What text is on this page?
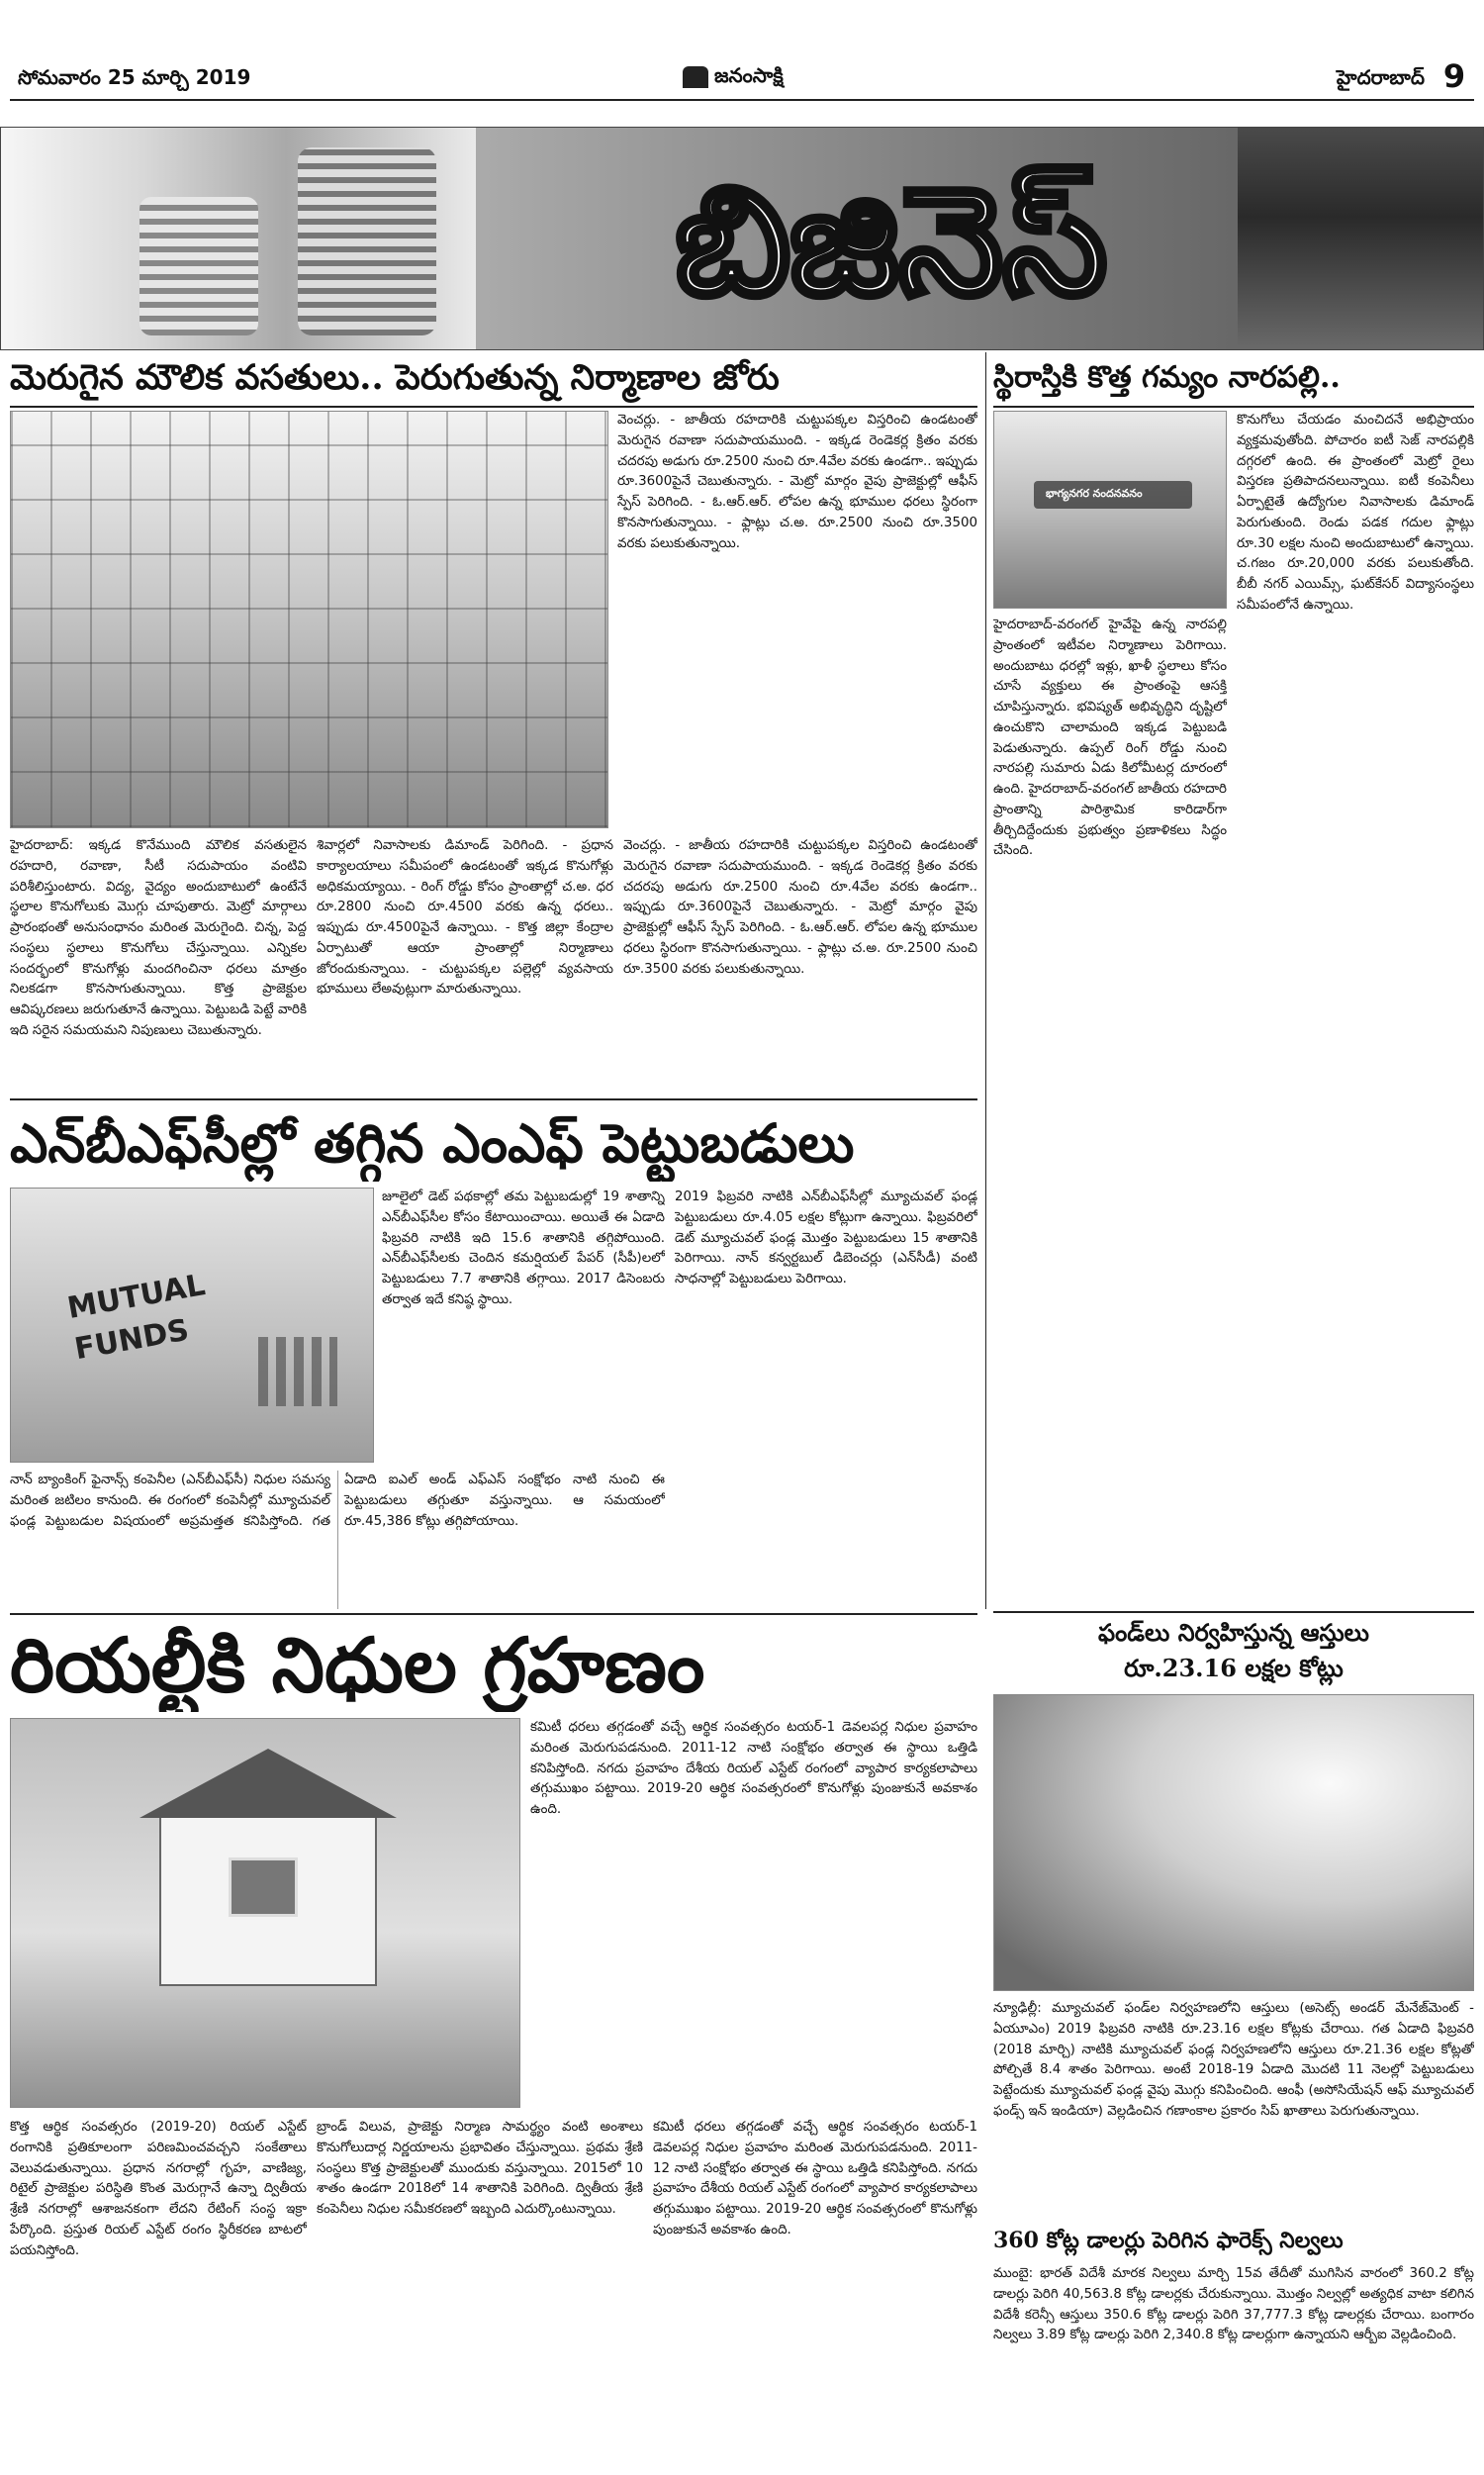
సోమవారం 25 మార్చి 2019	జనంసాక్షి	హైదరాబాద్ 9
బిజినెస్
మెరుగైన మౌలిక వసతులు.. పెరుగుతున్న నిర్మాణాల జోరు
వెంచర్లు. - జాతీయ రహదారికి చుట్టుపక్కల విస్తరించి ఉండటంతో మెరుగైన రవాణా సదుపాయముంది. - ఇక్కడ రెండెకర్ల క్రితం వరకు చదరపు అడుగు రూ.2500 నుంచి రూ.4వేల వరకు ఉండగా.. ఇప్పుడు రూ.3600పైనే చెబుతున్నారు. - మెట్రో మార్గం వైపు ప్రాజెక్టుల్లో ఆఫీస్ స్పేస్ పెరిగింది. - ఓ.ఆర్.ఆర్. లోపల ఉన్న భూముల ధరలు స్థిరంగా కొనసాగుతున్నాయి. - ఫ్లాట్లు చ.అ. రూ.2500 నుంచి రూ.3500 వరకు పలుకుతున్నాయి.
హైదరాబాద్: ఇక్కడ కొనేముంది మౌలిక వసతులైన రహదారి, రవాణా, సీటీ సదుపాయం వంటివి పరిశీలిస్తుంటారు. విద్య, వైద్యం అందుబాటులో ఉంటేనే స్థలాల కొనుగోలుకు మొగ్గు చూపుతారు. మెట్రో మార్గాలు ప్రారంభంతో అనుసంధానం మరింత మెరుగైంది. చిన్న, పెద్ద సంస్థలు స్థలాలు కొనుగోలు చేస్తున్నాయి. ఎన్నికల సందర్భంలో కొనుగోళ్లు మందగించినా ధరలు మాత్రం నిలకడగా కొనసాగుతున్నాయి. కొత్త ప్రాజెక్టుల ఆవిష్కరణలు జరుగుతూనే ఉన్నాయి. పెట్టుబడి పెట్టే వారికి ఇది సరైన సమయమని నిపుణులు చెబుతున్నారు.
శివార్లలో నివాసాలకు డిమాండ్ పెరిగింది. - ప్రధాన కార్యాలయాలు సమీపంలో ఉండటంతో ఇక్కడ కొనుగోళ్లు అధికమయ్యాయి. - రింగ్ రోడ్డు కోసం ప్రాంతాల్లో చ.అ. ధర రూ.2800 నుంచి రూ.4500 వరకు ఉన్న ధరలు.. ఇప్పుడు రూ.4500పైనే ఉన్నాయి. - కొత్త జిల్లా కేంద్రాల ఏర్పాటుతో ఆయా ప్రాంతాల్లో నిర్మాణాలు జోరందుకున్నాయి. - చుట్టుపక్కల పల్లెల్లో వ్యవసాయ భూములు లేఅవుట్లుగా మారుతున్నాయి.
వెంచర్లు. - జాతీయ రహదారికి చుట్టుపక్కల విస్తరించి ఉండటంతో మెరుగైన రవాణా సదుపాయముంది. - ఇక్కడ రెండెకర్ల క్రితం వరకు చదరపు అడుగు రూ.2500 నుంచి రూ.4వేల వరకు ఉండగా.. ఇప్పుడు రూ.3600పైనే చెబుతున్నారు. - మెట్రో మార్గం వైపు ప్రాజెక్టుల్లో ఆఫీస్ స్పేస్ పెరిగింది. - ఓ.ఆర్.ఆర్. లోపల ఉన్న భూముల ధరలు స్థిరంగా కొనసాగుతున్నాయి. - ఫ్లాట్లు చ.అ. రూ.2500 నుంచి రూ.3500 వరకు పలుకుతున్నాయి.
స్థిరాస్తికి కొత్త గమ్యం నారపల్లి..
భాగ్యనగర నందనవనం
హైదరాబాద్-వరంగల్ హైవేపై ఉన్న నారపల్లి ప్రాంతంలో ఇటీవల నిర్మాణాలు పెరిగాయి. అందుబాటు ధరల్లో ఇళ్లు, ఖాళీ స్థలాలు కోసం చూసే వ్యక్తులు ఈ ప్రాంతంపై ఆసక్తి చూపిస్తున్నారు. భవిష్యత్ అభివృద్ధిని దృష్టిలో ఉంచుకొని చాలామంది ఇక్కడ పెట్టుబడి పెడుతున్నారు. ఉప్పల్ రింగ్ రోడ్డు నుంచి నారపల్లి సుమారు ఏడు కిలోమీటర్ల దూరంలో ఉంది. హైదరాబాద్-వరంగల్ జాతీయ రహదారి ప్రాంతాన్ని పారిశ్రామిక కారిడార్‌గా తీర్చిదిద్దేందుకు ప్రభుత్వం ప్రణాళికలు సిద్ధం చేసింది.
కొనుగోలు చేయడం మంచిదనే అభిప్రాయం వ్యక్తమవుతోంది. పోచారం ఐటీ సెజ్ నారపల్లికి దగ్గరలో ఉంది. ఈ ప్రాంతంలో మెట్రో రైలు విస్తరణ ప్రతిపాదనలున్నాయి. ఐటీ కంపెనీలు ఏర్పాటైతే ఉద్యోగుల నివాసాలకు డిమాండ్ పెరుగుతుంది. రెండు పడక గదుల ఫ్లాట్లు రూ.30 లక్షల నుంచి అందుబాటులో ఉన్నాయి. చ.గజం రూ.20,000 వరకు పలుకుతోంది. బీబీ నగర్ ఎయిమ్స్, ఘట్‌కేసర్ విద్యాసంస్థలు సమీపంలోనే ఉన్నాయి.
ఎన్‌బీఎఫ్‌సీల్లో తగ్గిన ఎంఎఫ్ పెట్టుబడులు
MUTUAL FUNDS
జూలైలో డెట్ పథకాల్లో తమ పెట్టుబడుల్లో 19 శాతాన్ని ఎన్‌బీఎఫ్‌సీల కోసం కేటాయించాయి. అయితే ఈ ఏడాది ఫిబ్రవరి నాటికి ఇది 15.6 శాతానికి తగ్గిపోయింది. ఎన్‌బీఎఫ్‌సీలకు చెందిన కమర్షియల్ పేపర్ (సీపీ)లలో పెట్టుబడులు 7.7 శాతానికి తగ్గాయి. 2017 డిసెంబరు తర్వాత ఇదే కనిష్ఠ స్థాయి.
2019 ఫిబ్రవరి నాటికి ఎన్‌బీఎఫ్‌సీల్లో మ్యూచువల్ ఫండ్ల పెట్టుబడులు రూ.4.05 లక్షల కోట్లుగా ఉన్నాయి. ఫిబ్రవరిలో డెట్ మ్యూచువల్ ఫండ్ల మొత్తం పెట్టుబడులు 15 శాతానికి పెరిగాయి. నాన్ కన్వర్టబుల్ డిబెంచర్లు (ఎన్‌సీడీ) వంటి సాధనాల్లో పెట్టుబడులు పెరిగాయి.
నాన్ బ్యాంకింగ్ ఫైనాన్స్ కంపెనీల (ఎన్‌బీఎఫ్‌సీ) నిధుల సమస్య మరింత జటిలం కానుంది. ఈ రంగంలో కంపెనీల్లో మ్యూచువల్ ఫండ్ల పెట్టుబడుల విషయంలో అప్రమత్తత కనిపిస్తోంది. గత ఏడాది ఐఎల్ అండ్ ఎఫ్ఎస్ సంక్షోభం నాటి నుంచి ఈ పెట్టుబడులు తగ్గుతూ వస్తున్నాయి. ఆ సమయంలో రూ.45,386 కోట్లు తగ్గిపోయాయి.
ఫండ్‌లు నిర్వహిస్తున్న ఆస్తులు
రూ.23.16 లక్షల కోట్లు
న్యూఢిల్లీ: మ్యూచువల్ ఫండ్‌ల నిర్వహణలోని ఆస్తులు (అసెట్స్ అండర్ మేనేజ్‌మెంట్ - ఏయూఎం) 2019 ఫిబ్రవరి నాటికి రూ.23.16 లక్షల కోట్లకు చేరాయి. గత ఏడాది ఫిబ్రవరి (2018 మార్చి) నాటికి మ్యూచువల్ ఫండ్ల నిర్వహణలోని ఆస్తులు రూ.21.36 లక్షల కోట్లతో పోల్చితే 8.4 శాతం పెరిగాయి. అంటే 2018-19 ఏడాది మొదటి 11 నెలల్లో పెట్టుబడులు పెట్టేందుకు మ్యూచువల్ ఫండ్ల వైపు మొగ్గు కనిపించింది. ఆంఫీ (అసోసియేషన్ ఆఫ్ మ్యూచువల్ ఫండ్స్ ఇన్ ఇండియా) వెల్లడించిన గణాంకాల ప్రకారం సిప్ ఖాతాలు పెరుగుతున్నాయి.
360 కోట్ల డాలర్లు పెరిగిన ఫారెక్స్ నిల్వలు
ముంబై: భారత్ విదేశీ మారక నిల్వలు మార్చి 15వ తేదీతో ముగిసిన వారంలో 360.2 కోట్ల డాలర్లు పెరిగి 40,563.8 కోట్ల డాలర్లకు చేరుకున్నాయి. మొత్తం నిల్వల్లో అత్యధిక వాటా కలిగిన విదేశీ కరెన్సీ ఆస్తులు 350.6 కోట్ల డాలర్లు పెరిగి 37,777.3 కోట్ల డాలర్లకు చేరాయి. బంగారం నిల్వలు 3.89 కోట్ల డాలర్లు పెరిగి 2,340.8 కోట్ల డాలర్లుగా ఉన్నాయని ఆర్బీఐ వెల్లడించింది.
రియల్టీకి నిధుల గ్రహణం
కమిటీ ధరలు తగ్గడంతో వచ్చే ఆర్థిక సంవత్సరం టయర్-1 డెవలపర్ల నిధుల ప్రవాహం మరింత మెరుగుపడనుంది. 2011-12 నాటి సంక్షోభం తర్వాత ఈ స్థాయి ఒత్తిడి కనిపిస్తోంది. నగదు ప్రవాహం దేశీయ రియల్ ఎస్టేట్ రంగంలో వ్యాపార కార్యకలాపాలు తగ్గుముఖం పట్టాయి. 2019-20 ఆర్థిక సంవత్సరంలో కొనుగోళ్లు పుంజుకునే అవకాశం ఉంది.
కొత్త ఆర్థిక సంవత్సరం (2019-20) రియల్ ఎస్టేట్ రంగానికి ప్రతికూలంగా పరిణమించవచ్చని సంకేతాలు వెలువడుతున్నాయి. ప్రధాన నగరాల్లో గృహ, వాణిజ్య, రిటైల్ ప్రాజెక్టుల పరిస్థితి కొంత మెరుగ్గానే ఉన్నా ద్వితీయ శ్రేణి నగరాల్లో ఆశాజనకంగా లేదని రేటింగ్ సంస్థ ఇక్రా పేర్కొంది. ప్రస్తుత రియల్ ఎస్టేట్ రంగం స్థిరీకరణ బాటలో పయనిస్తోంది.
బ్రాండ్ విలువ, ప్రాజెక్టు నిర్మాణ సామర్థ్యం వంటి అంశాలు కొనుగోలుదార్ల నిర్ణయాలను ప్రభావితం చేస్తున్నాయి. ప్రథమ శ్రేణి సంస్థలు కొత్త ప్రాజెక్టులతో ముందుకు వస్తున్నాయి. 2015లో 10 శాతం ఉండగా 2018లో 14 శాతానికి పెరిగింది. ద్వితీయ శ్రేణి కంపెనీలు నిధుల సమీకరణలో ఇబ్బంది ఎదుర్కొంటున్నాయి.
కమిటీ ధరలు తగ్గడంతో వచ్చే ఆర్థిక సంవత్సరం టయర్-1 డెవలపర్ల నిధుల ప్రవాహం మరింత మెరుగుపడనుంది. 2011-12 నాటి సంక్షోభం తర్వాత ఈ స్థాయి ఒత్తిడి కనిపిస్తోంది. నగదు ప్రవాహం దేశీయ రియల్ ఎస్టేట్ రంగంలో వ్యాపార కార్యకలాపాలు తగ్గుముఖం పట్టాయి. 2019-20 ఆర్థిక సంవత్సరంలో కొనుగోళ్లు పుంజుకునే అవకాశం ఉంది.
